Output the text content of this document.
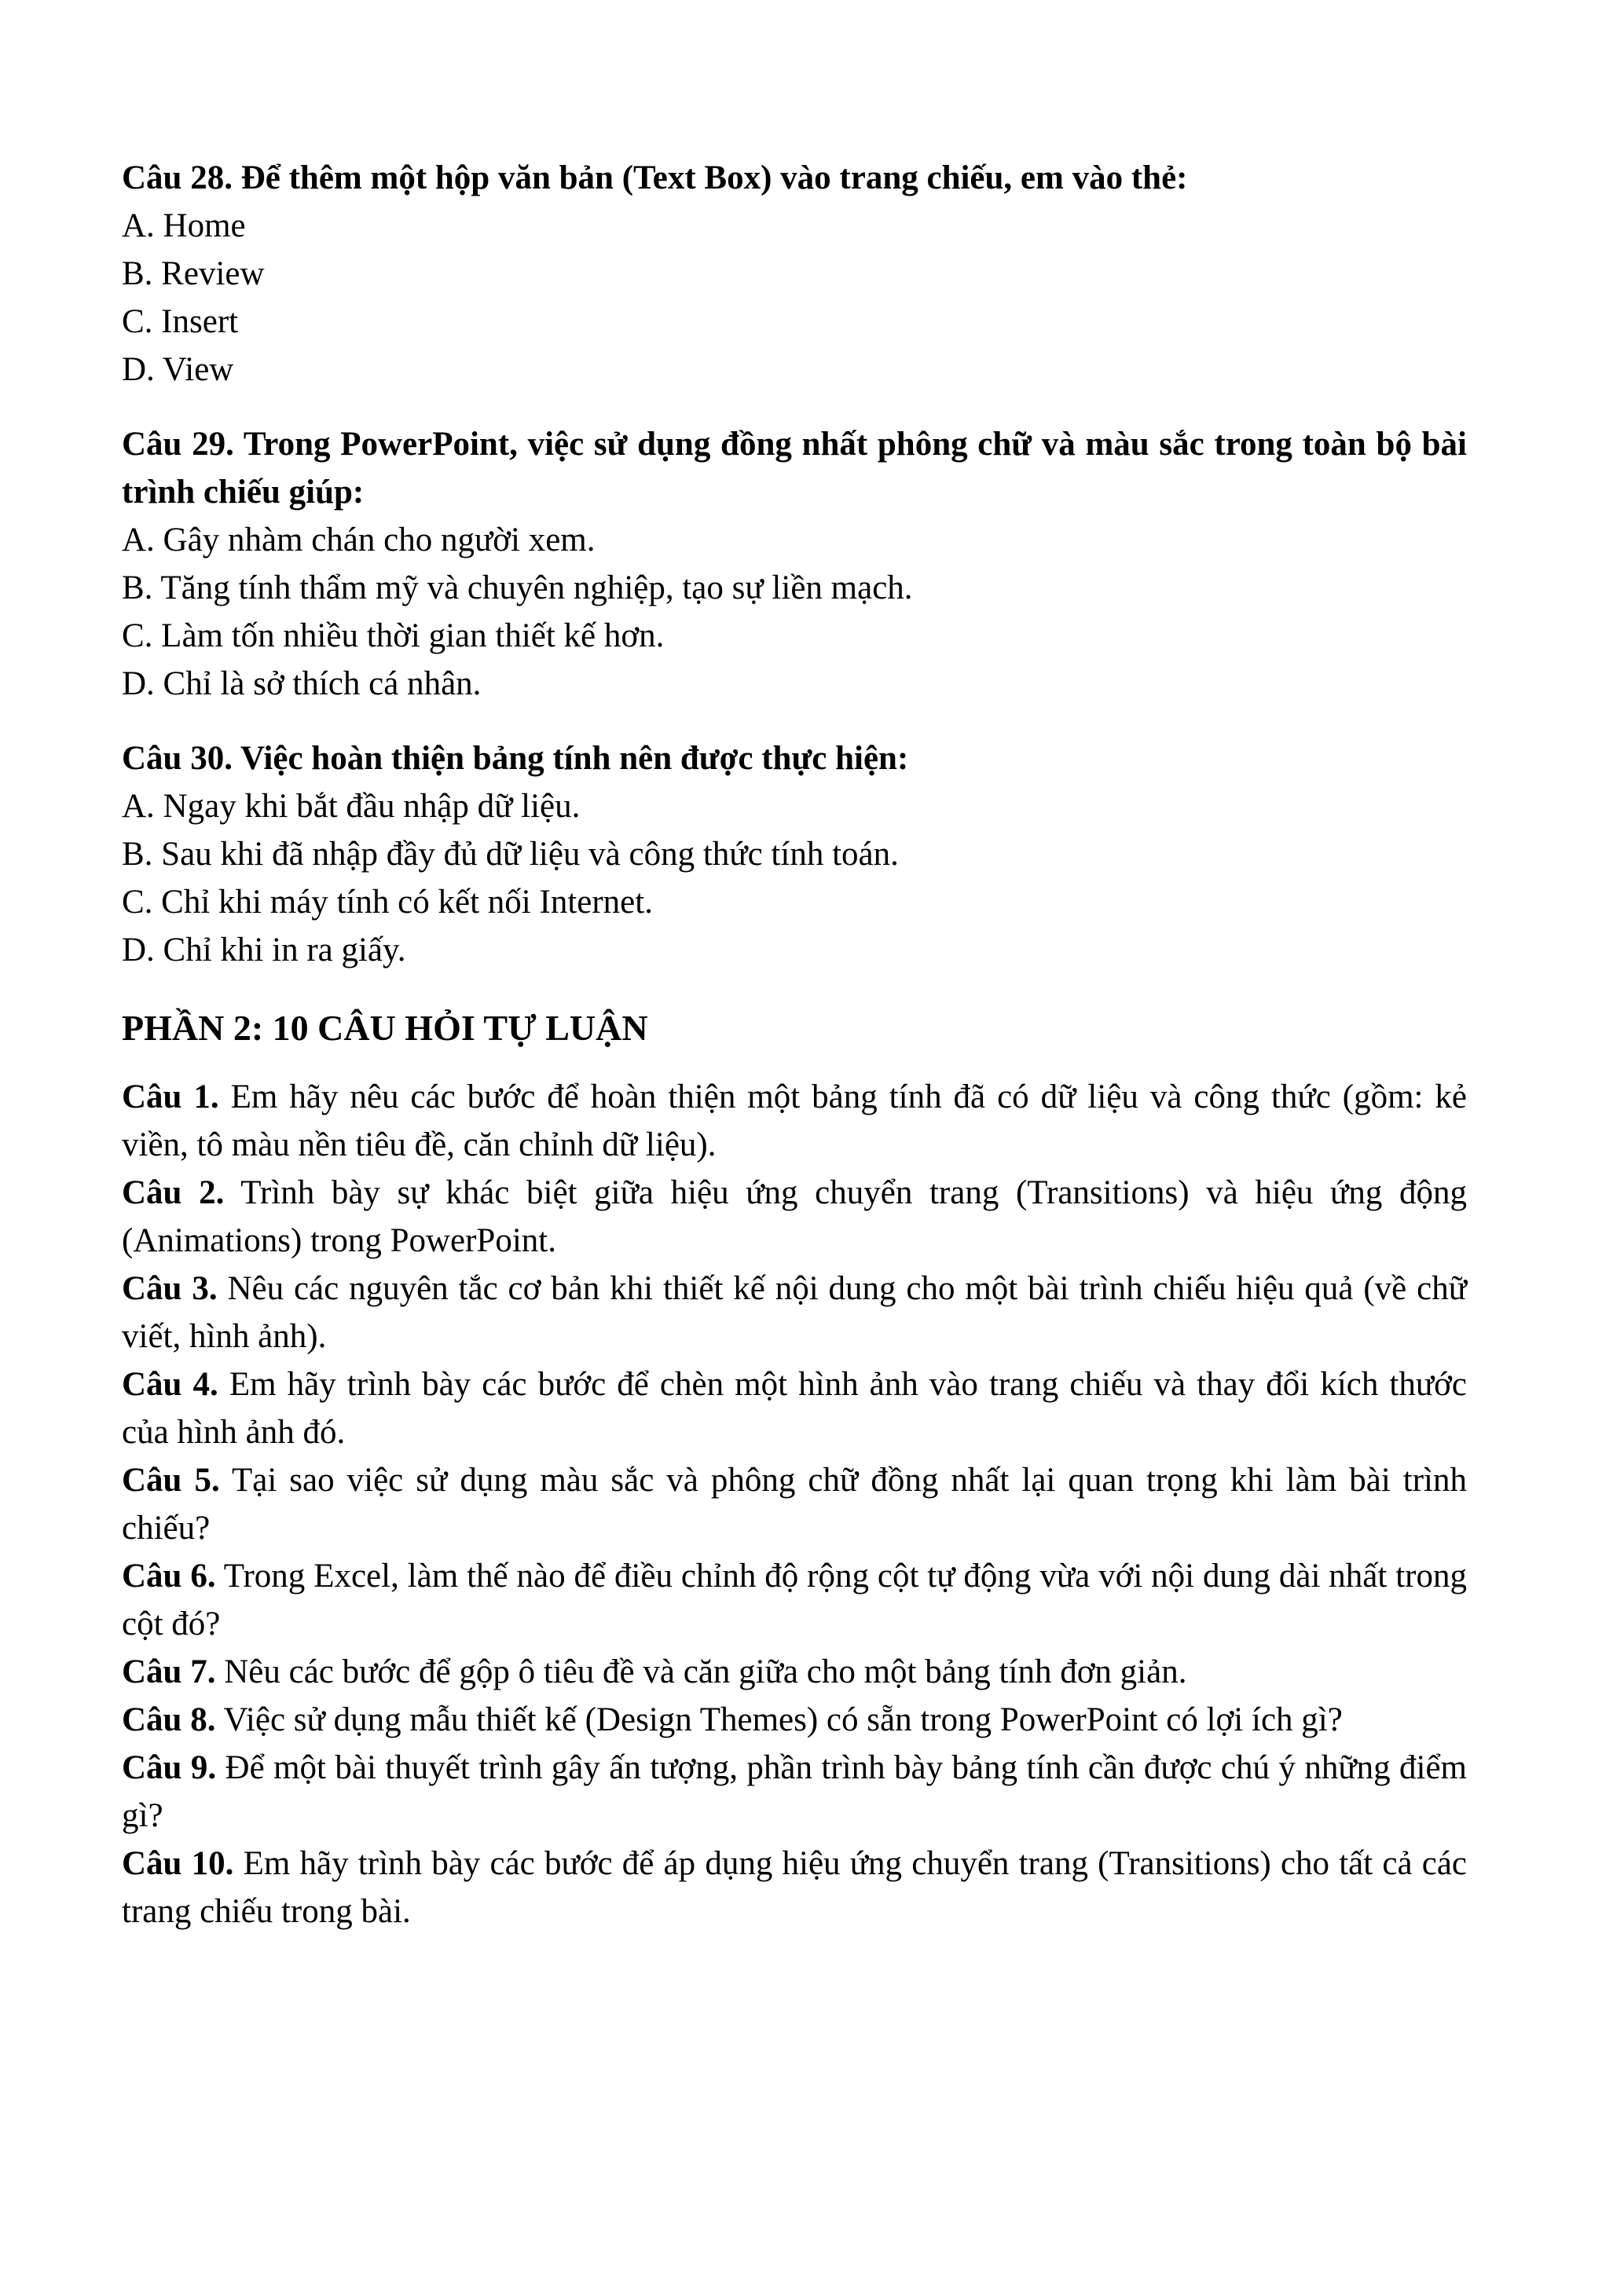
Câu 28. Để thêm một hộp văn bản (Text Box) vào trang chiếu, em vào thẻ:

A. Home

B. Review

C. Insert

D. View

Câu 29. Trong PowerPoint, việc sử dụng đồng nhất phông chữ và màu sắc trong toàn bộ bài trình chiếu giúp:

A. Gây nhàm chán cho người xem.

B. Tăng tính thẩm mỹ và chuyên nghiệp, tạo sự liền mạch.

C. Làm tốn nhiều thời gian thiết kế hơn.

D. Chỉ là sở thích cá nhân.

Câu 30. Việc hoàn thiện bảng tính nên được thực hiện:

A. Ngay khi bắt đầu nhập dữ liệu.

B. Sau khi đã nhập đầy đủ dữ liệu và công thức tính toán.

C. Chỉ khi máy tính có kết nối Internet.

D. Chỉ khi in ra giấy.

PHẦN 2: 10 CÂU HỎI TỰ LUẬN

Câu 1. Em hãy nêu các bước để hoàn thiện một bảng tính đã có dữ liệu và công thức (gồm: kẻ viền, tô màu nền tiêu đề, căn chỉnh dữ liệu).

Câu 2. Trình bày sự khác biệt giữa hiệu ứng chuyển trang (Transitions) và hiệu ứng động (Animations) trong PowerPoint.

Câu 3. Nêu các nguyên tắc cơ bản khi thiết kế nội dung cho một bài trình chiếu hiệu quả (về chữ viết, hình ảnh).

Câu 4. Em hãy trình bày các bước để chèn một hình ảnh vào trang chiếu và thay đổi kích thước của hình ảnh đó.

Câu 5. Tại sao việc sử dụng màu sắc và phông chữ đồng nhất lại quan trọng khi làm bài trình chiếu?

Câu 6. Trong Excel, làm thế nào để điều chỉnh độ rộng cột tự động vừa với nội dung dài nhất trong cột đó?

Câu 7. Nêu các bước để gộp ô tiêu đề và căn giữa cho một bảng tính đơn giản.

Câu 8. Việc sử dụng mẫu thiết kế (Design Themes) có sẵn trong PowerPoint có lợi ích gì?

Câu 9. Để một bài thuyết trình gây ấn tượng, phần trình bày bảng tính cần được chú ý những điểm gì?

Câu 10. Em hãy trình bày các bước để áp dụng hiệu ứng chuyển trang (Transitions) cho tất cả các trang chiếu trong bài.
